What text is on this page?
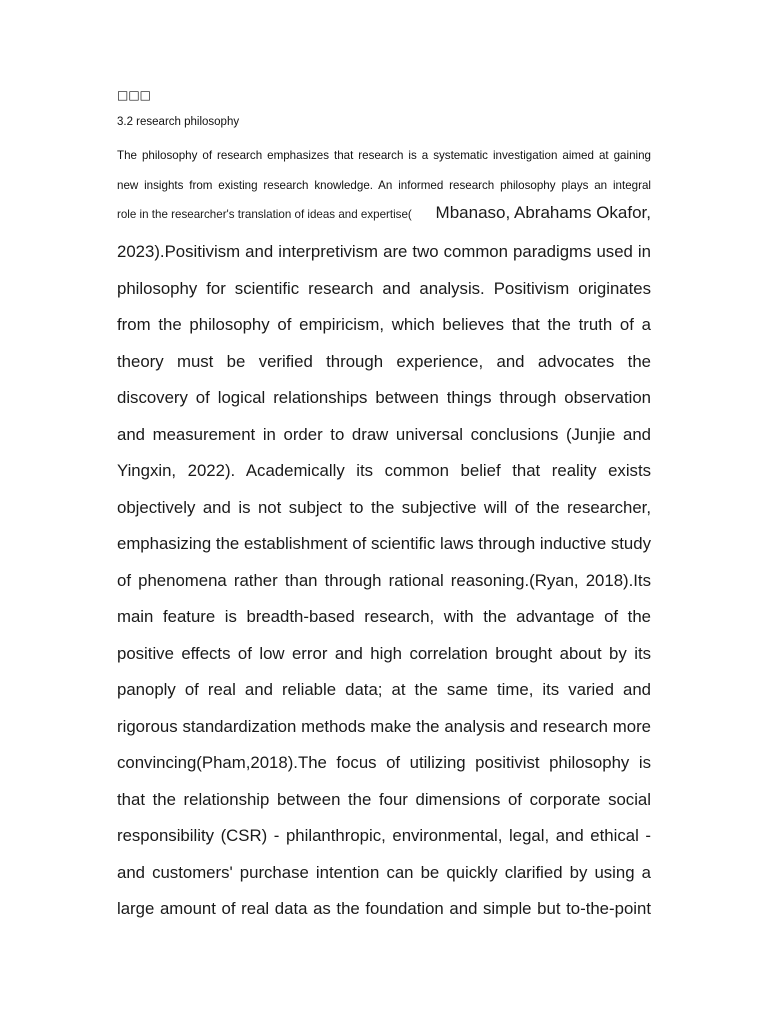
□□□
3.2 research philosophy
The philosophy of research emphasizes that research is a systematic investigation aimed at gaining
new insights from existing research knowledge. An informed research philosophy plays an integral
role in the researcher's translation of ideas and expertise( Mbanaso, Abrahams Okafor,
2023).Positivism and interpretivism are two common paradigms used in
philosophy for scientific research and analysis. Positivism originates
from the philosophy of empiricism, which believes that the truth of a
theory must be verified through experience, and advocates the
discovery of logical relationships between things through observation
and measurement in order to draw universal conclusions (Junjie and
Yingxin, 2022). Academically its common belief that reality exists
objectively and is not subject to the subjective will of the researcher,
emphasizing the establishment of scientific laws through inductive study
of phenomena rather than through rational reasoning.(Ryan, 2018).Its
main feature is breadth-based research, with the advantage of the
positive effects of low error and high correlation brought about by its
panoply of real and reliable data; at the same time, its varied and
rigorous standardization methods make the analysis and research more
convincing(Pham,2018).The focus of utilizing positivist philosophy is
that the relationship between the four dimensions of corporate social
responsibility (CSR) - philanthropic, environmental, legal, and ethical -
and customers' purchase intention can be quickly clarified by using a
large amount of real data as the foundation and simple but to-the-point
